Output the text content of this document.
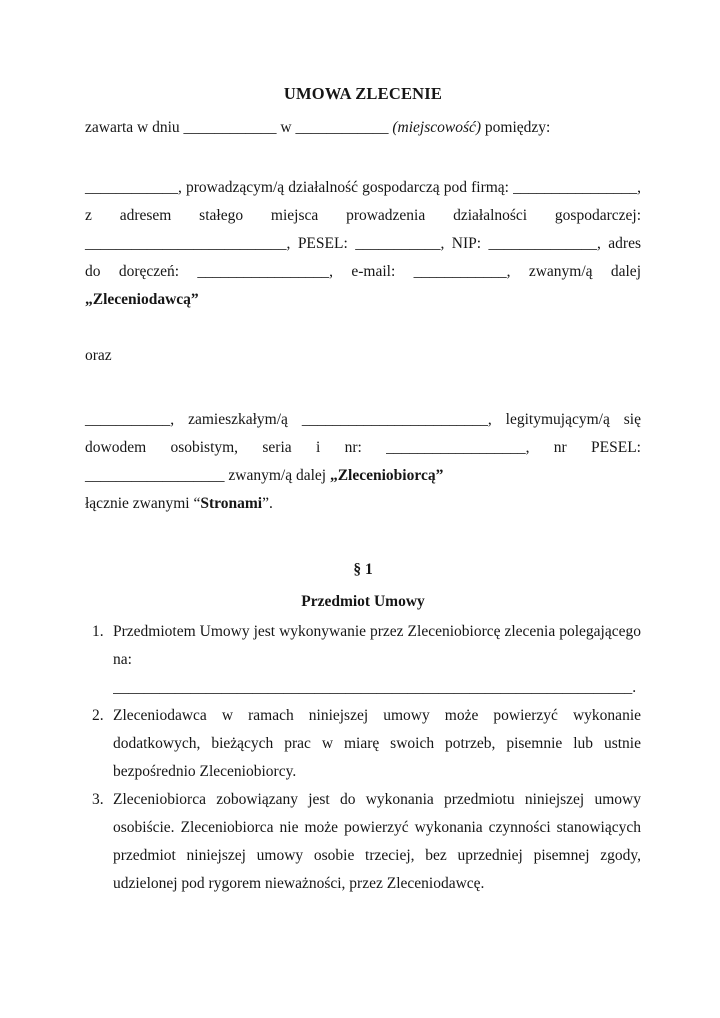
UMOWA ZLECENIE

zawarta w dniu ____________ w ____________ (miejscowość) pomiędzy:

____________, prowadzącym/ą działalność gospodarczą pod firmą: ________________, z adresem stałego miejsca prowadzenia działalności gospodarczej: __________________________, PESEL: ___________, NIP: ______________, adres do doręczeń: _________________, e-mail: ____________, zwanym/ą dalej „Zleceniodawcą”

oraz

___________, zamieszkałym/ą ________________________, legitymującym/ą się dowodem osobistym, seria i nr: __________________, nr PESEL: __________________ zwanym/ą dalej „Zleceniobiorcą”

łącznie zwanymi “Stronami”.

§ 1

Przedmiot Umowy

1. Przedmiotem Umowy jest wykonywanie przez Zleceniobiorcę zlecenia polegającego na:
___________________________________________________________________.
2. Zleceniodawca w ramach niniejszej umowy może powierzyć wykonanie dodatkowych, bieżących prac w miarę swoich potrzeb, pisemnie lub ustnie bezpośrednio Zleceniobiorcy.
3. Zleceniobiorca zobowiązany jest do wykonania przedmiotu niniejszej umowy osobiście. Zleceniobiorca nie może powierzyć wykonania czynności stanowiących przedmiot niniejszej umowy osobie trzeciej, bez uprzedniej pisemnej zgody, udzielonej pod rygorem nieważności, przez Zleceniodawcę.
